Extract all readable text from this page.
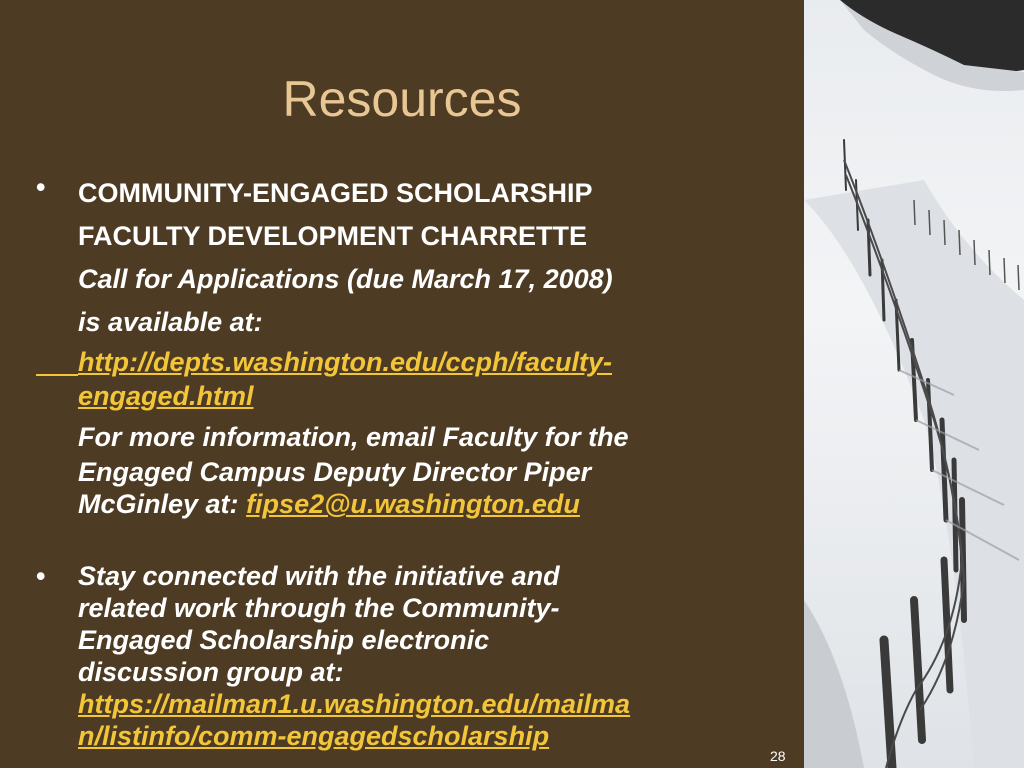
Resources
• COMMUNITY-ENGAGED SCHOLARSHIP
FACULTY DEVELOPMENT CHARRETTE
Call for Applications (due March 17, 2008)
is available at:
http://depts.washington.edu/ccph/faculty-
engaged.html
For more information, email Faculty for the
Engaged Campus Deputy Director Piper
McGinley at: fipse2@u.washington.edu
• Stay connected with the initiative and
related work through the Community-
Engaged Scholarship electronic
discussion group at:
https://mailman1.u.washington.edu/mailma
n/listinfo/comm-engagedscholarship
28
